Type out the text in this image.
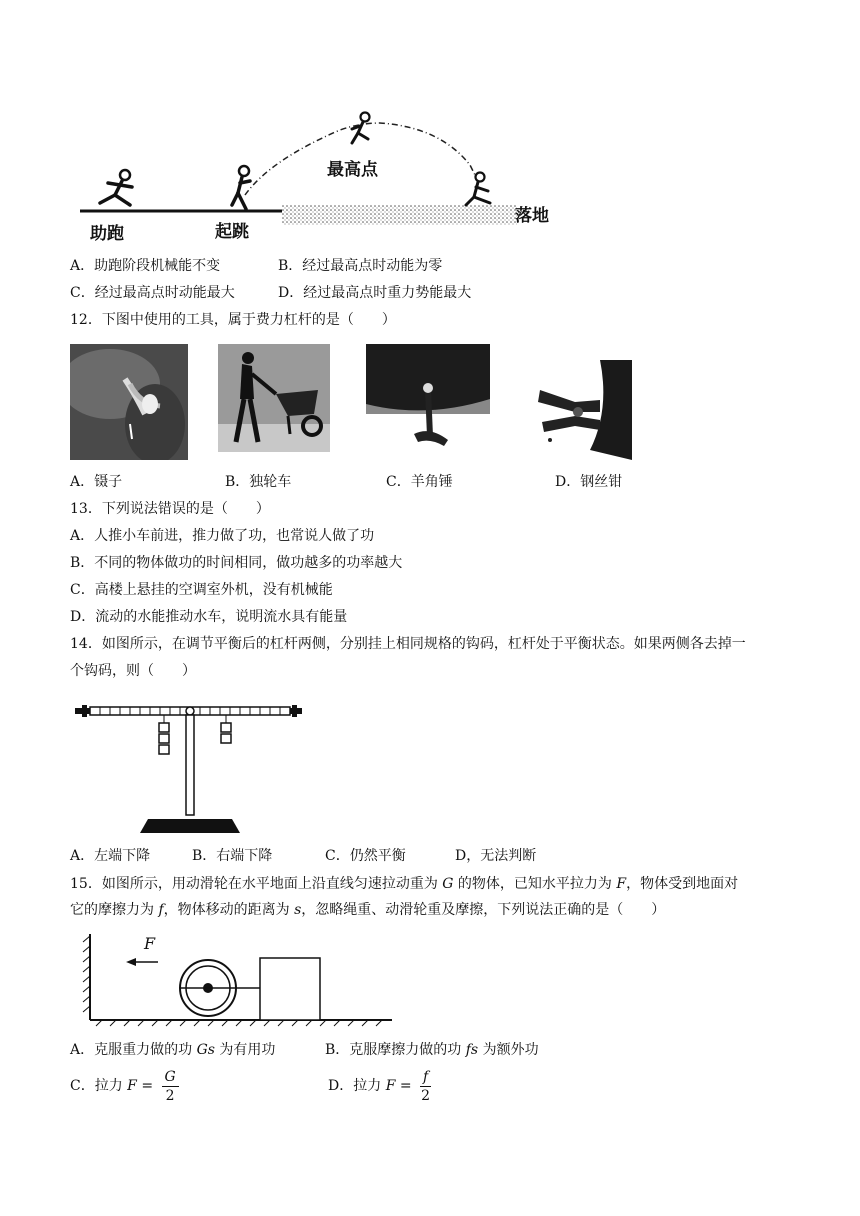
助跑	起跳
最高点
落地
A．助跑阶段机械能不变	B．经过最高点时动能为零
C．经过最高点时动能最大	D．经过最高点时重力势能最大
12．下图中使用的工具，属于费力杠杆的是（　　）
A．镊子	B．独轮车	C．羊角锤	D．钢丝钳
13．下列说法错误的是（　　）
A．人推小车前进，推力做了功，也常说人做了功
B．不同的物体做功的时间相同，做功越多的功率越大
C．高楼上悬挂的空调室外机，没有机械能
D．流动的水能推动水车，说明流水具有能量
14．如图所示，在调节平衡后的杠杆两侧，分别挂上相同规格的钩码，杠杆处于平衡状态。如果两侧各去掉一
个钩码，则（　　）
A．左端下降	B．右端下降	C．仍然平衡	D，无法判断
15．如图所示，用动滑轮在水平地面上沿直线匀速拉动重为 G 的物体，已知水平拉力为 F，物体受到地面对
它的摩擦力为 f，物体移动的距离为 s，忽略绳重、动滑轮重及摩擦，下列说法正确的是（　　）
F
A．克服重力做的功 Gs 为有用功	B．克服摩擦力做的功 fs 为额外功
C．拉力 $F = \frac{G}{2}$	D．拉力 $F = \frac{f}{2}$
